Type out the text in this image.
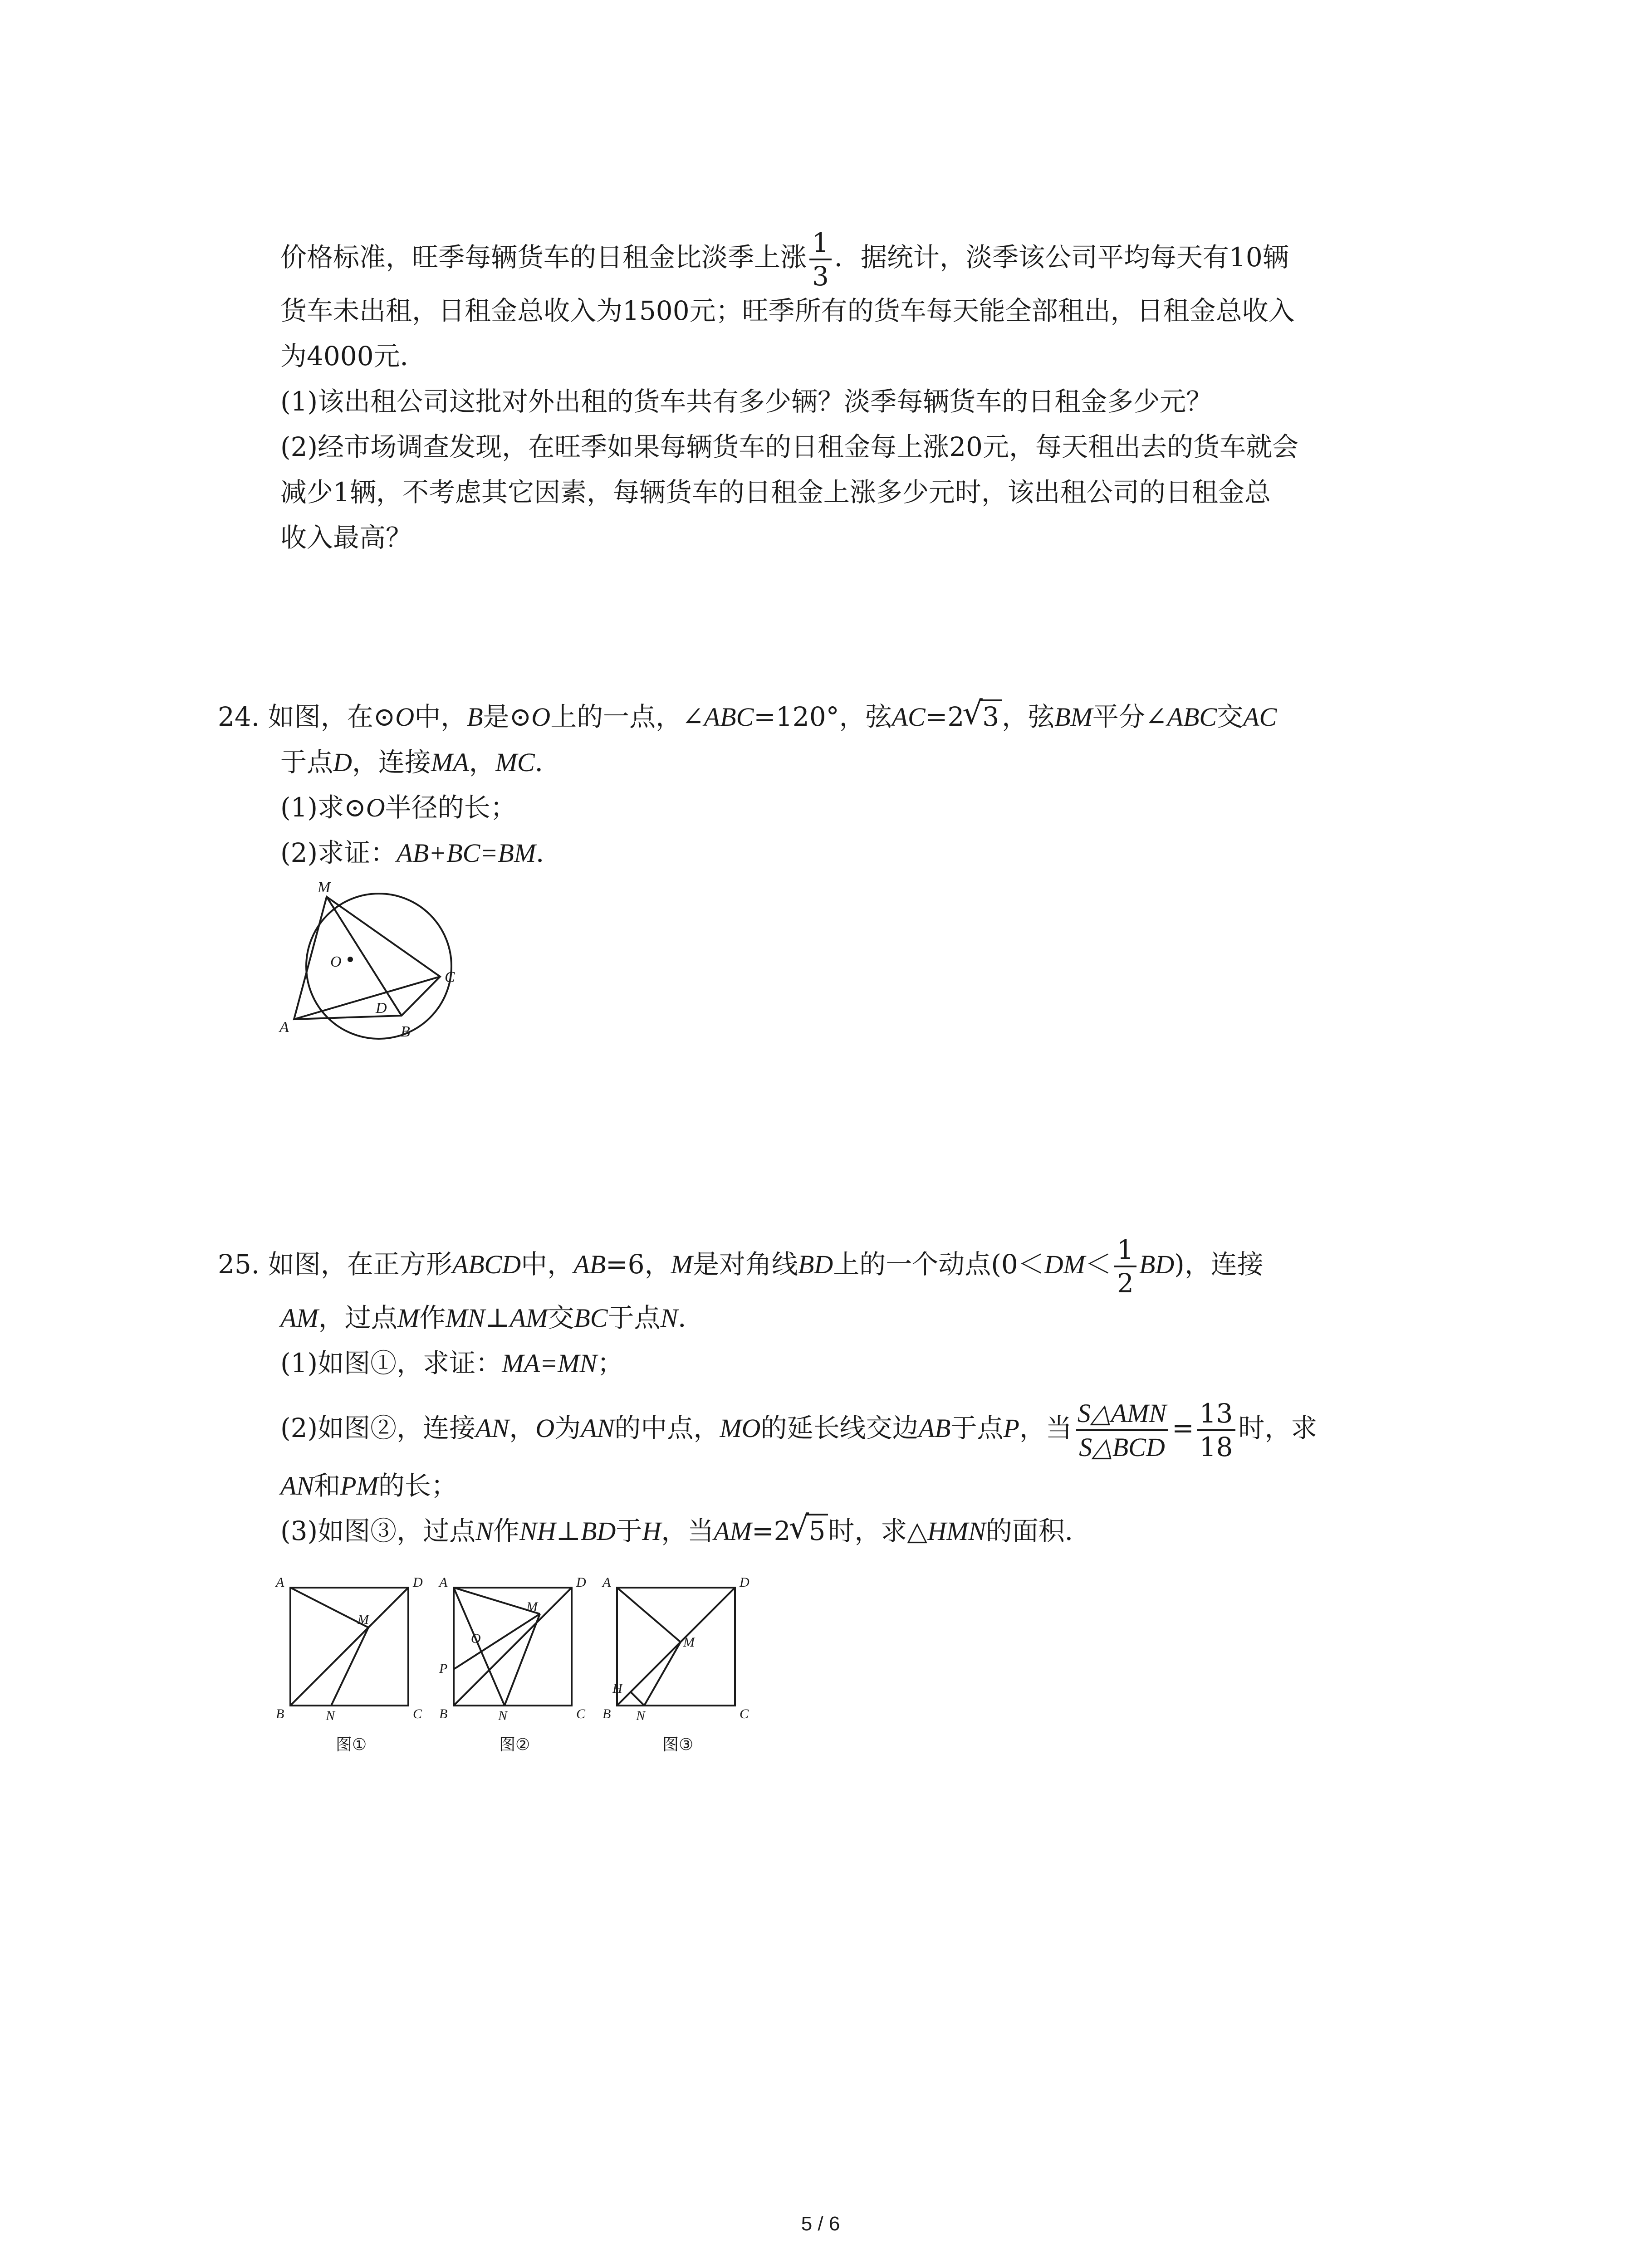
价格标准，旺季每辆货车的日租金比淡季上涨 $\frac{1}{3}$ ．据统计，淡季该公司平均每天有10辆
货车未出租，日租金总收入为1500元；旺季所有的货车每天能全部租出，日租金总收入
为4000元．
(1)该出租公司这批对外出租的货车共有多少辆？淡季每辆货车的日租金多少元？
(2)经市场调查发现，在旺季如果每辆货车的日租金每上涨20元，每天租出去的货车就会
减少1辆，不考虑其它因素，每辆货车的日租金上涨多少元时，该出租公司的日租金总
收入最高？
24. 如图，在⊙O中，B是⊙O上的一点，∠ABC=120°，弦AC=2 √ 3 ，弦BM平分∠ABC交AC
于点D，连接MA，MC．
(1)求⊙O半径的长；
(2)求证：AB+BC=BM．
M
O
C
D
A	B
25. 如图，在正方形ABCD中，AB=6，M是对角线BD上的一个动点$(0<DM< \frac{1}{2} BD)$，连接
AM，过点M作MN⊥AM交BC于点N．
(1)如图①，求证：MA=MN；
(2)如图②，连接AN，O为AN的中点，MO的延长线交边AB于点P，当 $\frac{\text{S△AMN}}{\text{S△BCD}} = \frac{13}{18}$ 时，求
AN和PM的长；
(3)如图③，过点N作NH⊥BD于H，当AM=2 √ 5 时，求△HMN的面积．
A	D
M
B	N	C
图①
A	D
M
O
P
B	N	C
图②
A	D
M
H
B N	C
图③
5 / 6
